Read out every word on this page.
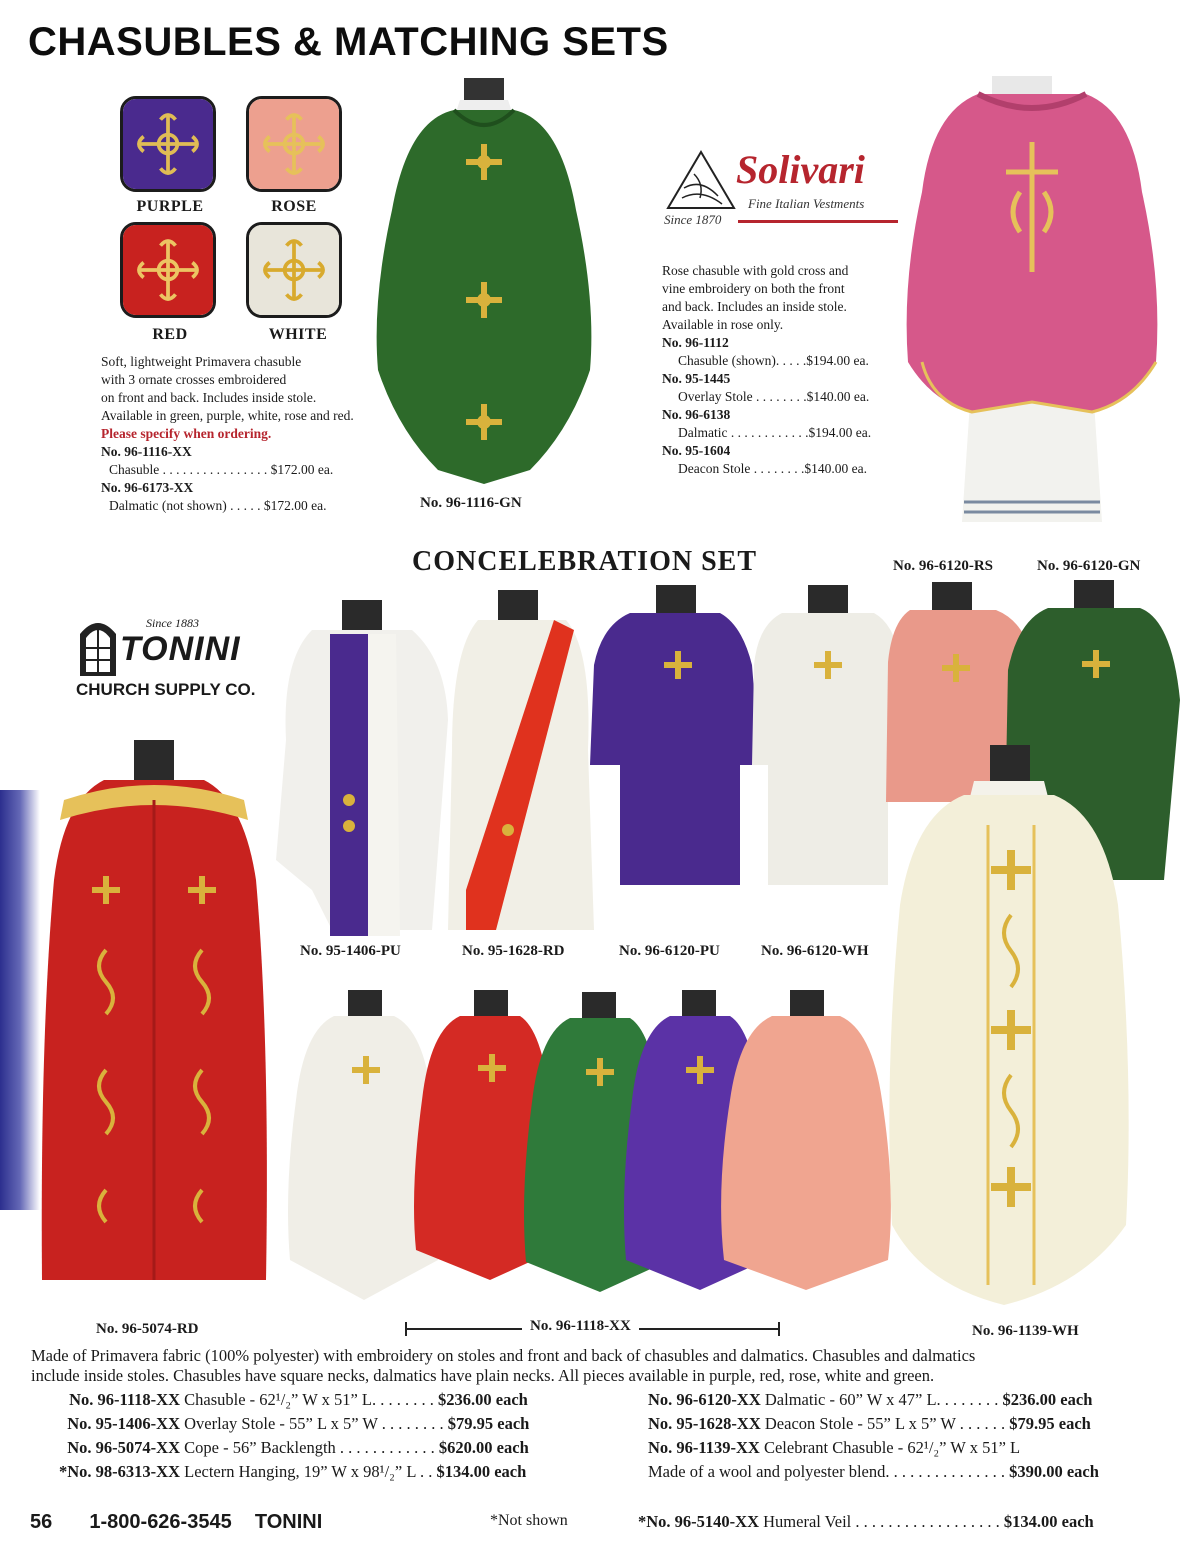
CHASUBLES & MATCHING SETS
PURPLE	ROSE
RED	WHITE
Soft, lightweight Primavera chasuble
with 3 ornate crosses embroidered
on front and back. Includes inside stole.
Available in green, purple, white, rose and red.
Please specify when ordering.
No. 96-1116-XX
Chasuble . . . . . . . . . . . . . . . . $172.00 ea.
No. 96-6173-XX
Dalmatic (not shown) . . . . . $172.00 ea.	No. 96-1116-GN
Solivari
Fine Italian Vestments
Since 1870
Rose chasuble with gold cross and
vine embroidery on both the front
and back. Includes an inside stole.
Available in rose only.
No. 96-1112
Chasuble (shown). . . . .$194.00 ea.
No. 95-1445
Overlay Stole . . . . . . . .$140.00 ea.
No. 96-6138
Dalmatic . . . . . . . . . . . .$194.00 ea.
No. 95-1604
Deacon Stole . . . . . . . .$140.00 ea.
CONCELEBRATION SET	No. 96-6120-RS	No. 96-6120-GN
Since 1883
TONINI
CHURCH SUPPLY CO.
No. 95-1406-PU	No. 95-1628-RD	No. 96-6120-PU	No. 96-6120-WH
No. 96-5074-RD	No. 96-1118-XX	No. 96-1139-WH
Made of Primavera fabric (100% polyester) with embroidery on stoles and front and back of chasubles and dalmatics. Chasubles and dalmatics
include inside stoles. Chasubles have square necks, dalmatics have plain necks. All pieces available in purple, red, rose, white and green.
No. 96-1118-XX Chasuble - 62¹/₂” W x 51” L. . . . . . . . $236.00 each
No. 95-1406-XX Overlay Stole - 55” L x 5” W . . . . . . . . $79.95 each
No. 96-5074-XX Cope - 56” Backlength . . . . . . . . . . . . $620.00 each
*No. 98-6313-XX Lectern Hanging, 19” W x 98¹/₂” L . . $134.00 each
*Not shown
No. 96-6120-XX Dalmatic - 60” W x 47” L. . . . . . . . $236.00 each
No. 95-1628-XX Deacon Stole - 55” L x 5” W . . . . . . $79.95 each
No. 96-1139-XX Celebrant Chasuble - 62¹/₂” W x 51” L
Made of a wool and polyester blend. . . . . . . . . . . . . . . $390.00 each
*No. 96-5140-XX Humeral Veil . . . . . . . . . . . . . . . . . . $134.00 each
56 1-800-626-3545 TONINI
